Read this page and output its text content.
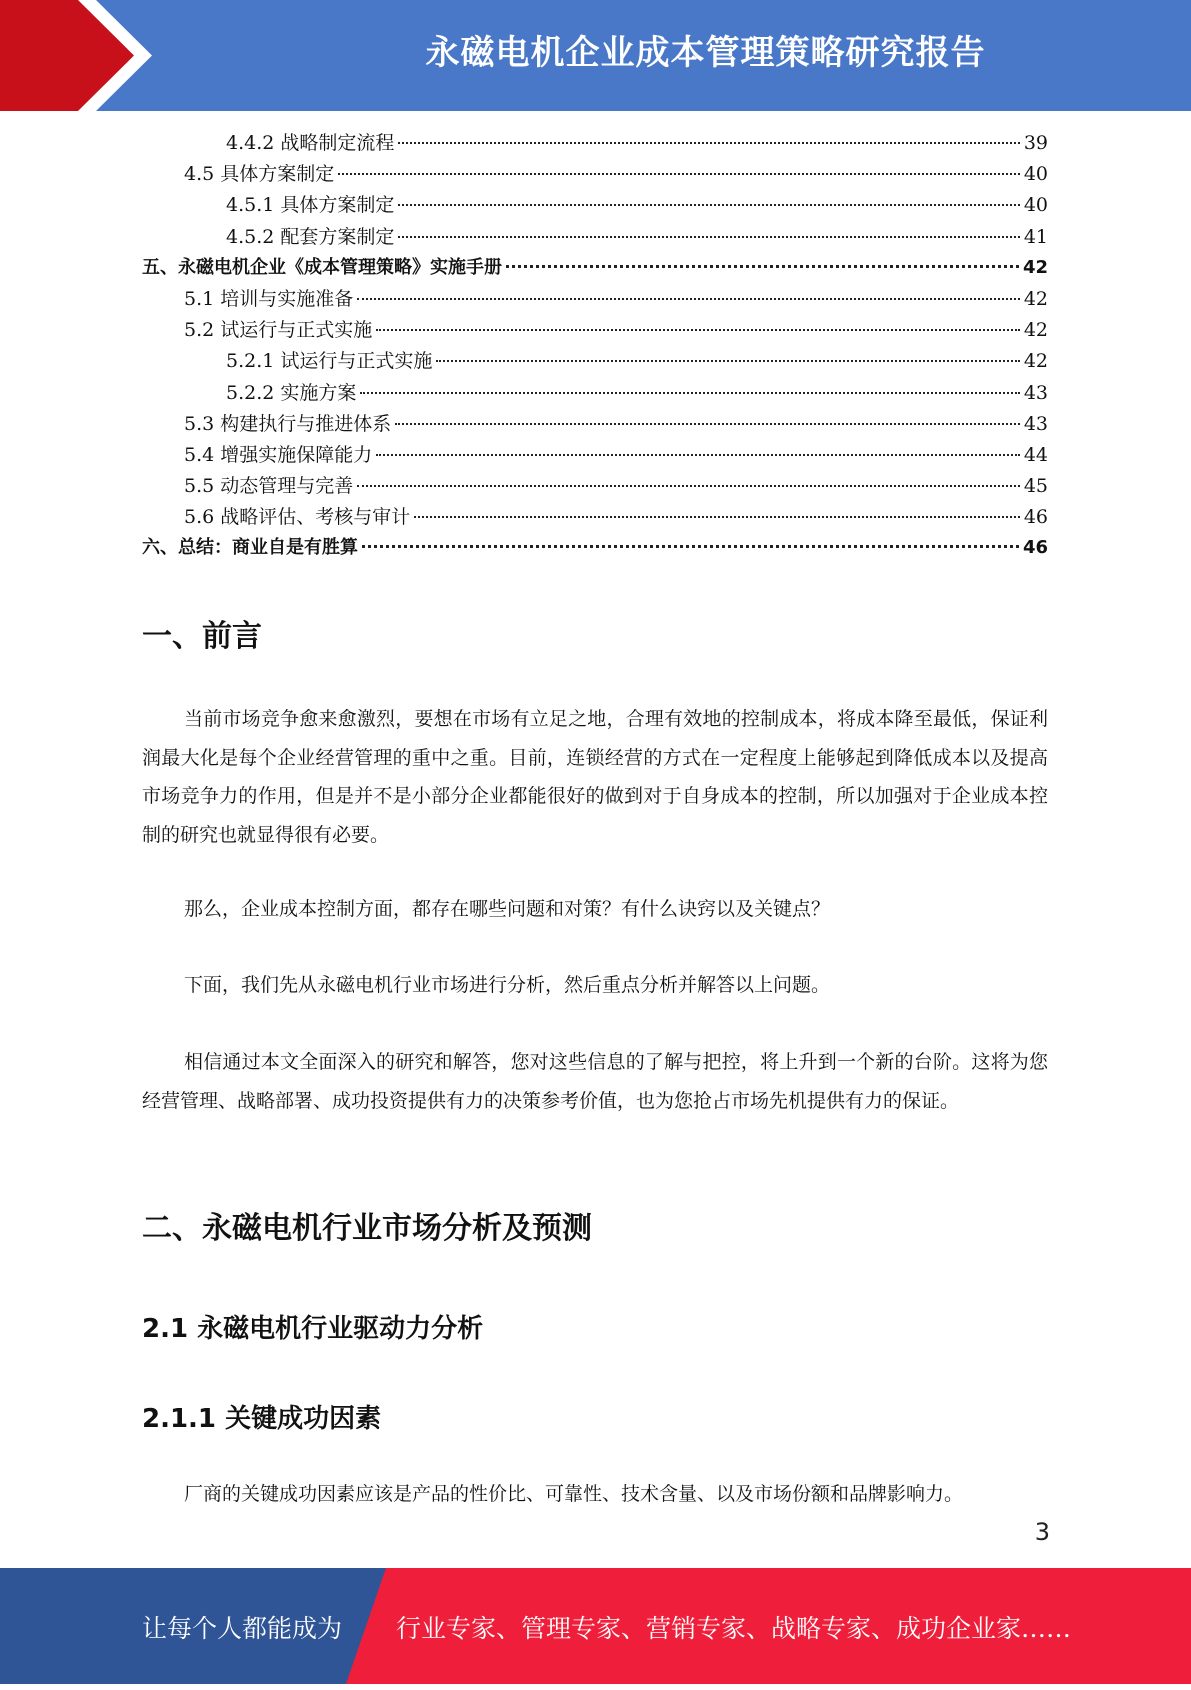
永磁电机企业成本管理策略研究报告
4.4.2 战略制定流程	39
4.5 具体方案制定	40
4.5.1 具体方案制定	40
4.5.2 配套方案制定	41
五、永磁电机企业《成本管理策略》实施手册	42
5.1 培训与实施准备	42
5.2 试运行与正式实施	42
5.2.1 试运行与正式实施	42
5.2.2 实施方案	43
5.3 构建执行与推进体系	43
5.4 增强实施保障能力	44
5.5 动态管理与完善	45
5.6 战略评估、考核与审计	46
六、总结：商业自是有胜算	46
一、前言

当前市场竞争愈来愈激烈，要想在市场有立足之地，合理有效地的控制成本，将成本降至最低，保证利润最大化是每个企业经营管理的重中之重。目前，连锁经营的方式在一定程度上能够起到降低成本以及提高市场竞争力的作用，但是并不是小部分企业都能很好的做到对于自身成本的控制，所以加强对于企业成本控制的研究也就显得很有必要。

那么，企业成本控制方面，都存在哪些问题和对策？有什么诀窍以及关键点？

下面，我们先从永磁电机行业市场进行分析，然后重点分析并解答以上问题。

相信通过本文全面深入的研究和解答，您对这些信息的了解与把控，将上升到一个新的台阶。这将为您经营管理、战略部署、成功投资提供有力的决策参考价值，也为您抢占市场先机提供有力的保证。

二、永磁电机行业市场分析及预测
2.1 永磁电机行业驱动力分析
2.1.1 关键成功因素

厂商的关键成功因素应该是产品的性价比、可靠性、技术含量、以及市场份额和品牌影响力。

3
让每个人都能成为 行业专家、管理专家、营销专家、战略专家、成功企业家……
